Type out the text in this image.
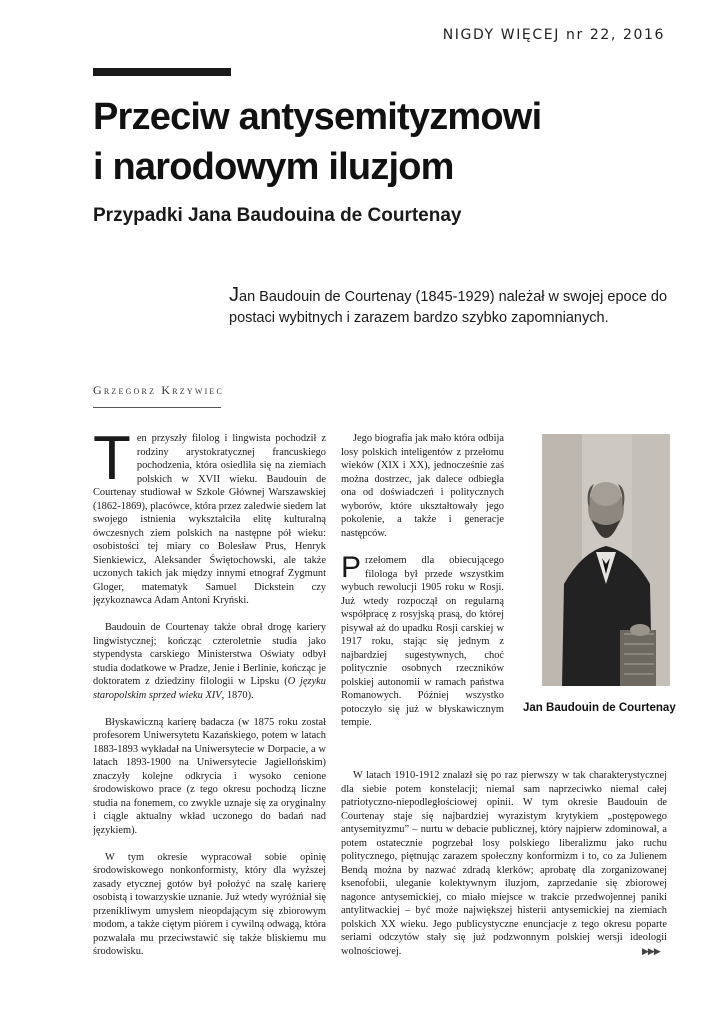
NIGDY WIĘCEJ nr 22, 2016
Przeciw antysemityzmowi
i narodowym iluzjom
Przypadki Jana Baudouina de Courtenay
Jan Baudouin de Courtenay (1845-1929) należał w swojej epoce do postaci wybitnych i zarazem bardzo szybko zapomnianych.
Grzegorz Krzywiec

Ten przyszły filolog i lingwista pochodził z rodziny arystokratycznej francuskiego pochodzenia, która osiedliła się na ziemiach polskich w XVII wieku. Baudouin de Courtenay studiował w Szkole Głównej Warszawskiej (1862-1869), placówce, która przez zaledwie siedem lat swojego istnienia wykształciła elitę kulturalną ówczesnych ziem polskich na następne pół wieku: osobistości tej miary co Bolesław Prus, Henryk Sienkiewicz, Aleksander Świętochowski, ale także uczonych takich jak między innymi etnograf Zygmunt Gloger, matematyk Samuel Dickstein czy językoznawca Adam Antoni Kryński.

Baudouin de Courtenay także obrał drogę kariery lingwistycznej; kończąc czteroletnie studia jako stypendysta carskiego Ministerstwa Oświaty odbył studia dodatkowe w Pradze, Jenie i Berlinie, kończąc je doktoratem z dziedziny filologii w Lipsku (O języku staropolskim sprzed wieku XIV, 1870).

Błyskawiczną karierę badacza (w 1875 roku został profesorem Uniwersytetu Kazańskiego, potem w latach 1883-1893 wykładał na Uniwersytecie w Dorpacie, a w latach 1893-1900 na Uniwersytecie Jagiellońskim) znaczyły kolejne odkrycia i wysoko cenione środowiskowo prace (z tego okresu pochodzą liczne studia na fonemem, co zwykle uznaje się za oryginalny i ciągle aktualny wkład uczonego do badań nad językiem).

W tym okresie wypracował sobie opinię środowiskowego nonkonformisty, który dla wyższej zasady etycznej gotów był położyć na szalę karierę osobistą i towarzyskie uznanie. Już wtedy wyróżniał się przenikliwym umysłem nieopdającym się zbiorowym modom, a także ciętym piórem i cywilną odwagą, która pozwalała mu przeciwstawić się także bliskiemu mu środowisku.

Jego biografia jak mało która odbija losy polskich inteligentów z przełomu wieków (XIX i XX), jednocześnie zaś można dostrzec, jak dalece odbiegła ona od doświadczeń i politycznych wyborów, które ukształtowały jego pokolenie, a także i generacje następców.

Przełomem dla obiecującego filologa był przede wszystkim wybuch rewolucji 1905 roku w Rosji. Już wtedy rozpoczął on regularną współpracę z rosyjską prasą, do której pisywał aż do upadku Rosji carskiej w 1917 roku, stając się jednym z najbardziej sugestywnych, choć politycznie osobnych rzeczników polskiej autonomii w ramach państwa Romanowych. Później wszystko potoczyło się już w błyskawicznym tempie.

Jan Baudouin de Courtenay

W latach 1910-1912 znalazł się po raz pierwszy w tak charakterystycznej dla siebie potem konstelacji; niemal sam naprzeciwko niemal całej patriotyczno-niepodległościowej opinii. W tym okresie Baudouin de Courtenay staje się najbardziej wyrazistym krytykiem „postępowego antysemityzmu” – nurtu w debacie publicznej, który najpierw zdominował, a potem ostatecznie pogrzebał losy polskiego liberalizmu jako ruchu politycznego, piętnując zarazem społeczny konformizm i to, co za Julienem Bendą można by nazwać zdradą klerków; aprobatę dla zorganizowanej ksenofobii, uleganie kolektywnym iluzjom, zaprzedanie się zbiorowej nagonce antysemickiej, co miało miejsce w trakcie przedwojennej paniki antylitwackiej – być może największej histerii antysemickiej na ziemiach polskich XX wieku. Jego publicystyczne enuncjacje z tego okresu poparte seriami odczytów stały się już podzwonnym polskiej wersji ideologii wolnościowej.	▶▶▶
